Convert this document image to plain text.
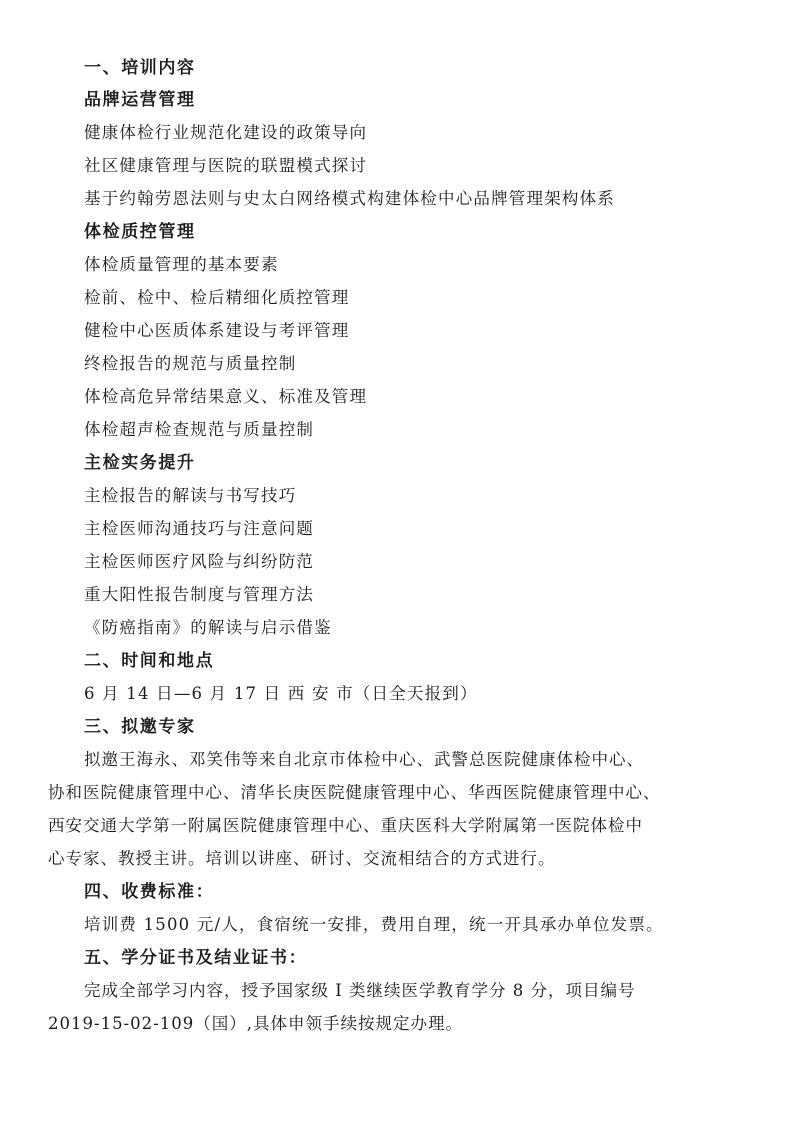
一、培训内容
品牌运营管理
健康体检行业规范化建设的政策导向
社区健康管理与医院的联盟模式探讨
基于约翰劳恩法则与史太白网络模式构建体检中心品牌管理架构体系
体检质控管理
体检质量管理的基本要素
检前、检中、检后精细化质控管理
健检中心医质体系建设与考评管理
终检报告的规范与质量控制
体检高危异常结果意义、标准及管理
体检超声检查规范与质量控制
主检实务提升
主检报告的解读与书写技巧
主检医师沟通技巧与注意问题
主检医师医疗风险与纠纷防范
重大阳性报告制度与管理方法
《防癌指南》的解读与启示借鉴
二、时间和地点
6 月 14 日—6 月 17 日 西 安 市（日全天报到）
三、拟邀专家
拟邀王海永、邓笑伟等来自北京市体检中心、武警总医院健康体检中心、
协和医院健康管理中心、清华长庚医院健康管理中心、华西医院健康管理中心、
西安交通大学第一附属医院健康管理中心、重庆医科大学附属第一医院体检中
心专家、教授主讲。培训以讲座、研讨、交流相结合的方式进行。
四、收费标准：
培训费 1500 元/人，食宿统一安排，费用自理，统一开具承办单位发票。
五、学分证书及结业证书：
完成全部学习内容，授予国家级 I 类继续医学教育学分 8 分，项目编号
2019-15-02-109（国）,具体申领手续按规定办理。
